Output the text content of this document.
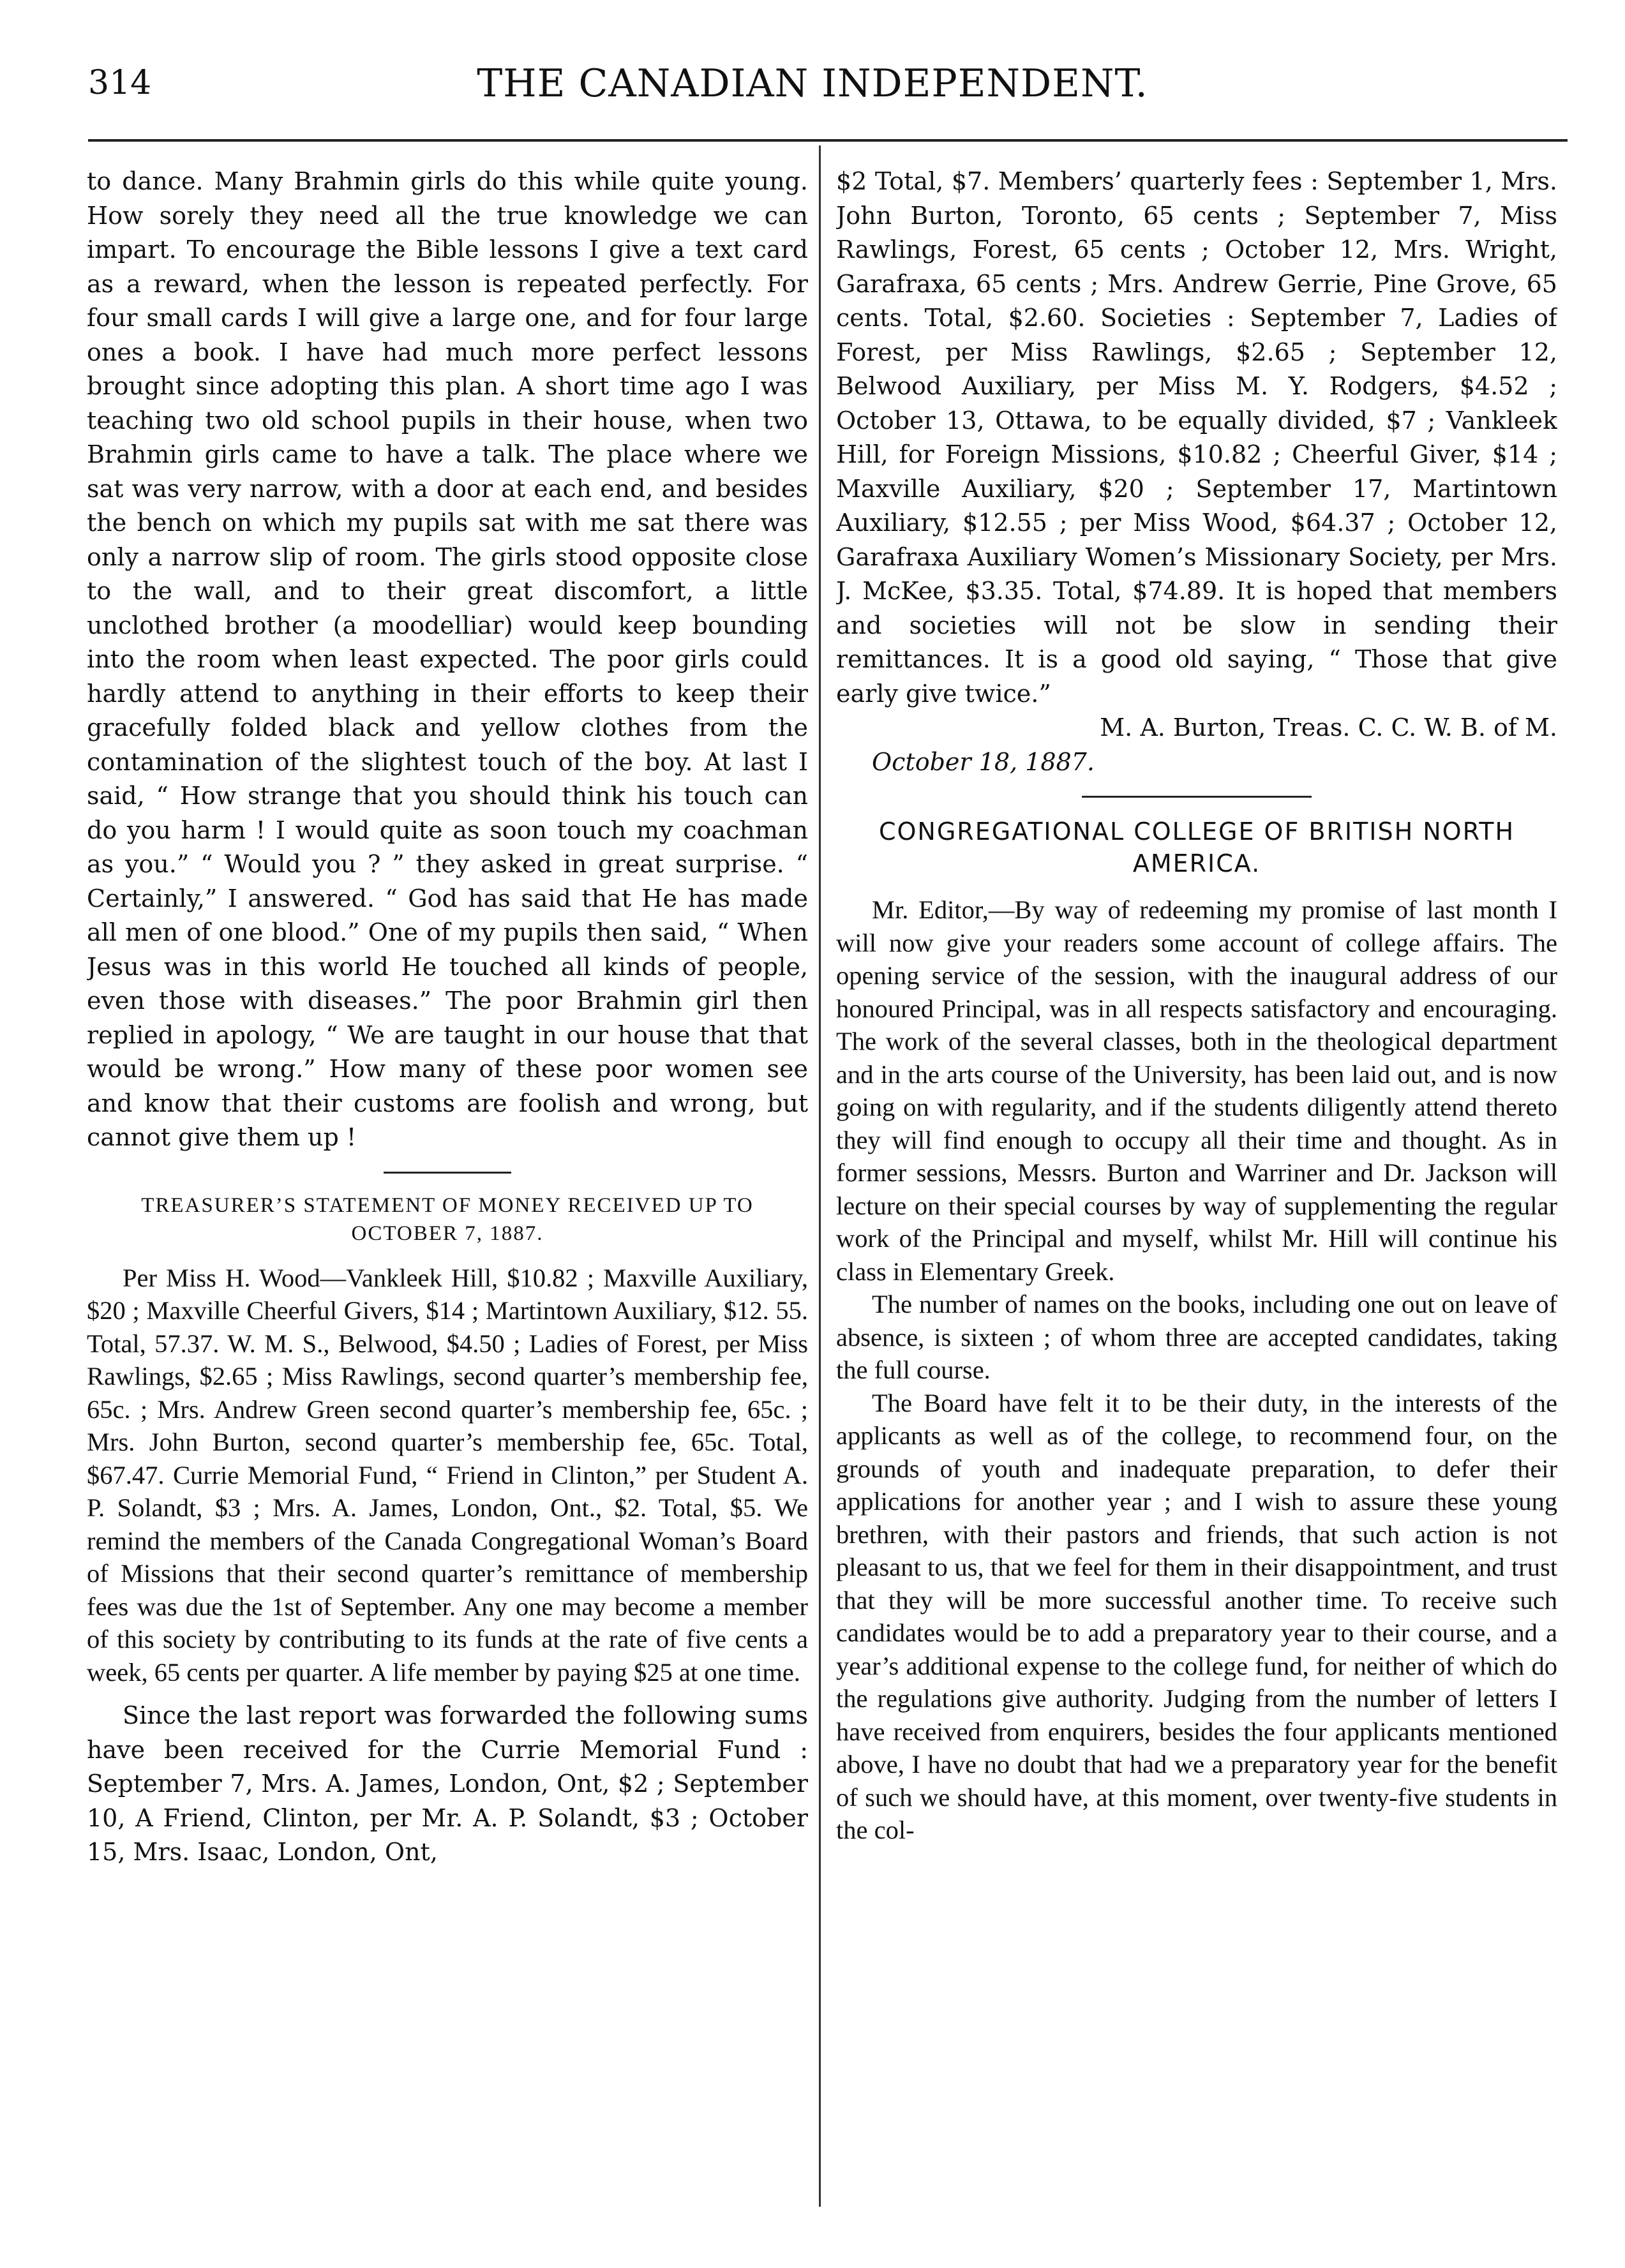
314	THE CANADIAN INDEPENDENT.

to dance. Many Brahmin girls do this while quite young. How sorely they need all the true knowledge we can impart. To encourage the Bible lessons I give a text card as a reward, when the lesson is repeated perfectly. For four small cards I will give a large one, and for four large ones a book. I have had much more perfect lessons brought since adopting this plan. A short time ago I was teaching two old school pupils in their house, when two Brahmin girls came to have a talk. The place where we sat was very narrow, with a door at each end, and besides the bench on which my pupils sat with me sat there was only a narrow slip of room. The girls stood opposite close to the wall, and to their great discomfort, a little unclothed brother (a moodelliar) would keep bounding into the room when least expected. The poor girls could hardly attend to anything in their efforts to keep their gracefully folded black and yellow clothes from the contamination of the slightest touch of the boy. At last I said, “ How strange that you should think his touch can do you harm ! I would quite as soon touch my coachman as you.” “ Would you ? ” they asked in great surprise. “ Certainly,” I answered. “ God has said that He has made all men of one blood.” One of my pupils then said, “ When Jesus was in this world He touched all kinds of people, even those with diseases.” The poor Brahmin girl then replied in apology, “ We are taught in our house that that would be wrong.” How many of these poor women see and know that their customs are foolish and wrong, but cannot give them up !

TREASURER’S STATEMENT OF MONEY RECEIVED UP TO OCTOBER 7, 1887.

Per Miss H. Wood—Vankleek Hill, $10.82 ; Maxville Auxiliary, $20 ; Maxville Cheerful Givers, $14 ; Martintown Auxiliary, $12. 55. Total, 57.37. W. M. S., Belwood, $4.50 ; Ladies of Forest, per Miss Rawlings, $2.65 ; Miss Rawlings, second quarter’s membership fee, 65c. ; Mrs. Andrew Green second quarter’s membership fee, 65c. ; Mrs. John Burton, second quarter’s membership fee, 65c. Total, $67.47. Currie Memorial Fund, “ Friend in Clinton,” per Student A. P. Solandt, $3 ; Mrs. A. James, London, Ont., $2. Total, $5. We remind the members of the Canada Congregational Woman’s Board of Missions that their second quarter’s remittance of membership fees was due the 1st of September. Any one may become a member of this society by contributing to its funds at the rate of five cents a week, 65 cents per quarter. A life member by paying $25 at one time.

Since the last report was forwarded the following sums have been received for the Currie Memorial Fund : September 7, Mrs. A. James, London, Ont, $2 ; September 10, A Friend, Clinton, per Mr. A. P. Solandt, $3 ; October 15, Mrs. Isaac, London, Ont,

$2 Total, $7. Members’ quarterly fees : September 1, Mrs. John Burton, Toronto, 65 cents ; September 7, Miss Rawlings, Forest, 65 cents ; October 12, Mrs. Wright, Garafraxa, 65 cents ; Mrs. Andrew Gerrie, Pine Grove, 65 cents. Total, $2.60. Societies : September 7, Ladies of Forest, per Miss Rawlings, $2.65 ; September 12, Belwood Auxiliary, per Miss M. Y. Rodgers, $4.52 ; October 13, Ottawa, to be equally divided, $7 ; Vankleek Hill, for Foreign Missions, $10.82 ; Cheerful Giver, $14 ; Maxville Auxiliary, $20 ; September 17, Martintown Auxiliary, $12.55 ; per Miss Wood, $64.37 ; October 12, Garafraxa Auxiliary Women’s Missionary Society, per Mrs. J. McKee, $3.35. Total, $74.89. It is hoped that members and societies will not be slow in sending their remittances. It is a good old saying, “ Those that give early give twice.”

M. A. Burton, Treas. C. C. W. B. of M.

October 18, 1887.

CONGREGATIONAL COLLEGE OF BRITISH NORTH AMERICA.

Mr. Editor,—By way of redeeming my promise of last month I will now give your readers some account of college affairs. The opening service of the session, with the inaugural address of our honoured Principal, was in all respects satisfactory and encouraging. The work of the several classes, both in the theological department and in the arts course of the University, has been laid out, and is now going on with regularity, and if the students diligently attend thereto they will find enough to occupy all their time and thought. As in former sessions, Messrs. Burton and Warriner and Dr. Jackson will lecture on their special courses by way of supplementing the regular work of the Principal and myself, whilst Mr. Hill will continue his class in Elementary Greek.

The number of names on the books, including one out on leave of absence, is sixteen ; of whom three are accepted candidates, taking the full course.

The Board have felt it to be their duty, in the interests of the applicants as well as of the college, to recommend four, on the grounds of youth and inadequate preparation, to defer their applications for another year ; and I wish to assure these young brethren, with their pastors and friends, that such action is not pleasant to us, that we feel for them in their disappointment, and trust that they will be more successful another time. To receive such candidates would be to add a preparatory year to their course, and a year’s additional expense to the college fund, for neither of which do the regulations give authority. Judging from the number of letters I have received from enquirers, besides the four applicants mentioned above, I have no doubt that had we a preparatory year for the benefit of such we should have, at this moment, over twenty-five students in the col-
